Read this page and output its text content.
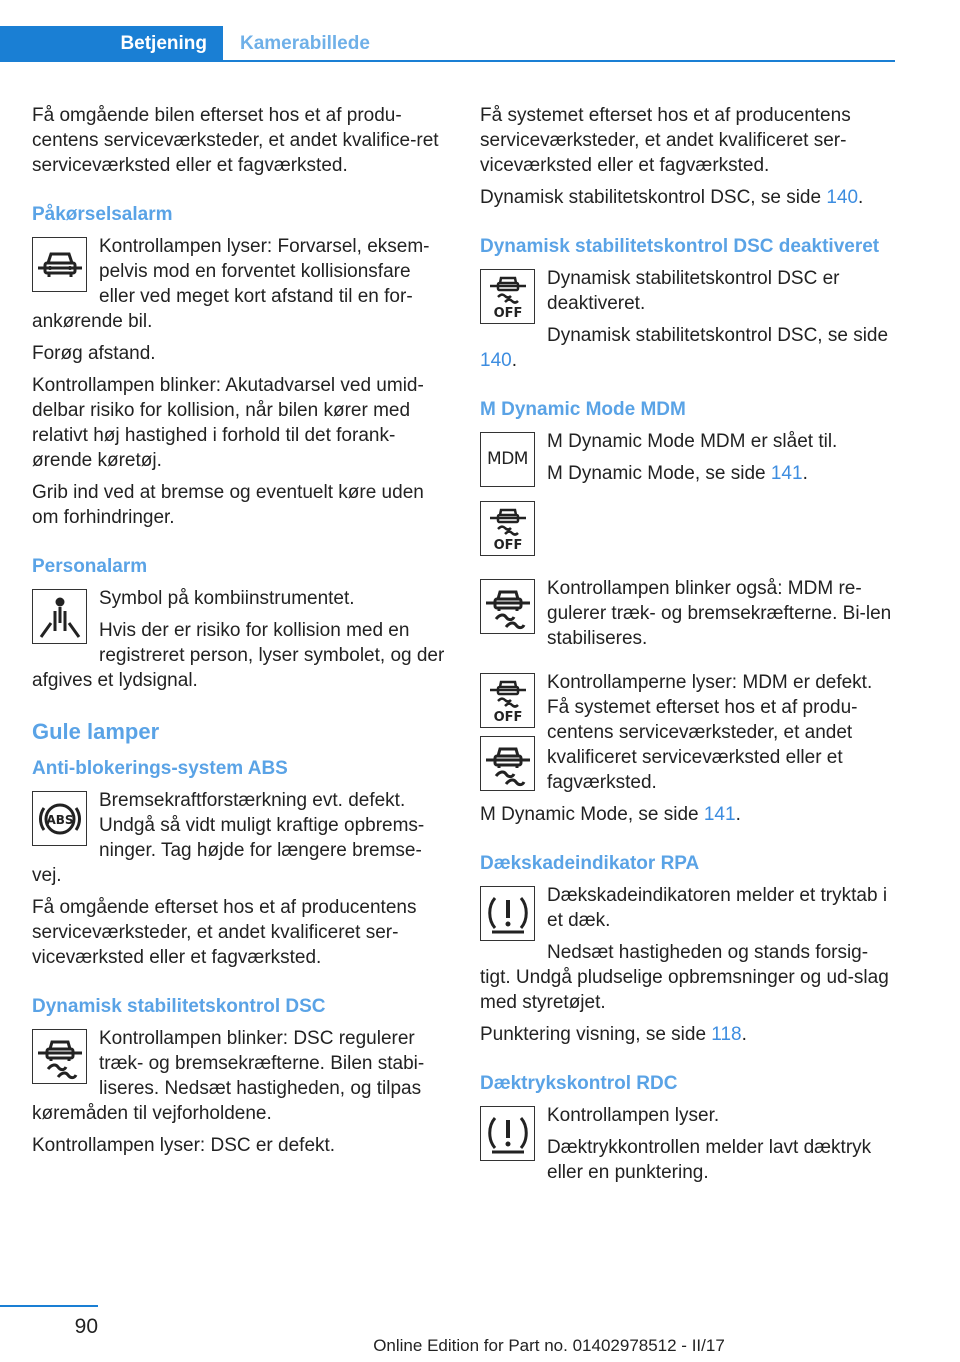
Betjening	Kamerabillede

Få omgående bilen efterset hos et af produ‐centens serviceværksteder, et andet kvalifice‐ret serviceværksted eller et fagværksted.

Påkørselsalarm

Kontrollampen lyser: Forvarsel, eksem‐pelvis mod en forventet kollisionsfare eller ved meget kort afstand til en for‐ankørende bil.

Forøg afstand.

Kontrollampen blinker: Akutadvarsel ved umid‐delbar risiko for kollision, når bilen kører med relativt høj hastighed i forhold til det forank‐ørende køretøj.

Grib ind ved at bremse og eventuelt køre uden om forhindringer.

Personalarm

Symbol på kombiinstrumentet.

Hvis der er risiko for kollision med en registreret person, lyser symbolet, og der afgives et lydsignal.

Gule lamper
Anti-blokerings-system ABS
ABS

Bremsekraftforstærkning evt. defekt. Undgå så vidt muligt kraftige opbrems‐ninger. Tag højde for længere bremse‐vej.

Få omgående efterset hos et af producentens serviceværksteder, et andet kvalificeret ser‐viceværksted eller et fagværksted.

Dynamisk stabilitetskontrol DSC

Kontrollampen blinker: DSC regulerer træk- og bremsekræfterne. Bilen stabi‐liseres. Nedsæt hastigheden, og tilpas køremåden til vejforholdene.

Kontrollampen lyser: DSC er defekt.

Få systemet efterset hos et af producentens serviceværksteder, et andet kvalificeret ser‐viceværksted eller et fagværksted.

Dynamisk stabilitetskontrol DSC, se side 140.

Dynamisk stabilitetskontrol DSC deaktiveret
OFF

Dynamisk stabilitetskontrol DSC er deaktiveret.

Dynamisk stabilitetskontrol DSC, se side 140.

M Dynamic Mode MDM
MDM

M Dynamic Mode MDM er slået til.

M Dynamic Mode, se side 141.

OFF

Kontrollampen blinker også: MDM re‐gulerer træk- og bremsekræfterne. Bi‐len stabiliseres.

OFF

Kontrollamperne lyser: MDM er defekt. Få systemet efterset hos et af produ‐centens serviceværksteder, et andet kvalificeret serviceværksted eller et fagværksted.

M Dynamic Mode, se side 141.

Dækskadeindikator RPA

Dækskadeindikatoren melder et tryktab i et dæk.

Nedsæt hastigheden og stands forsig‐tigt. Undgå pludselige opbremsninger og ud‐slag med styretøjet.

Punktering visning, se side 118.

Dæktrykskontrol RDC

Kontrollampen lyser.

Dæktrykkontrollen melder lavt dæktryk eller en punktering.

90
Online Edition for Part no. 01402978512 - II/17
